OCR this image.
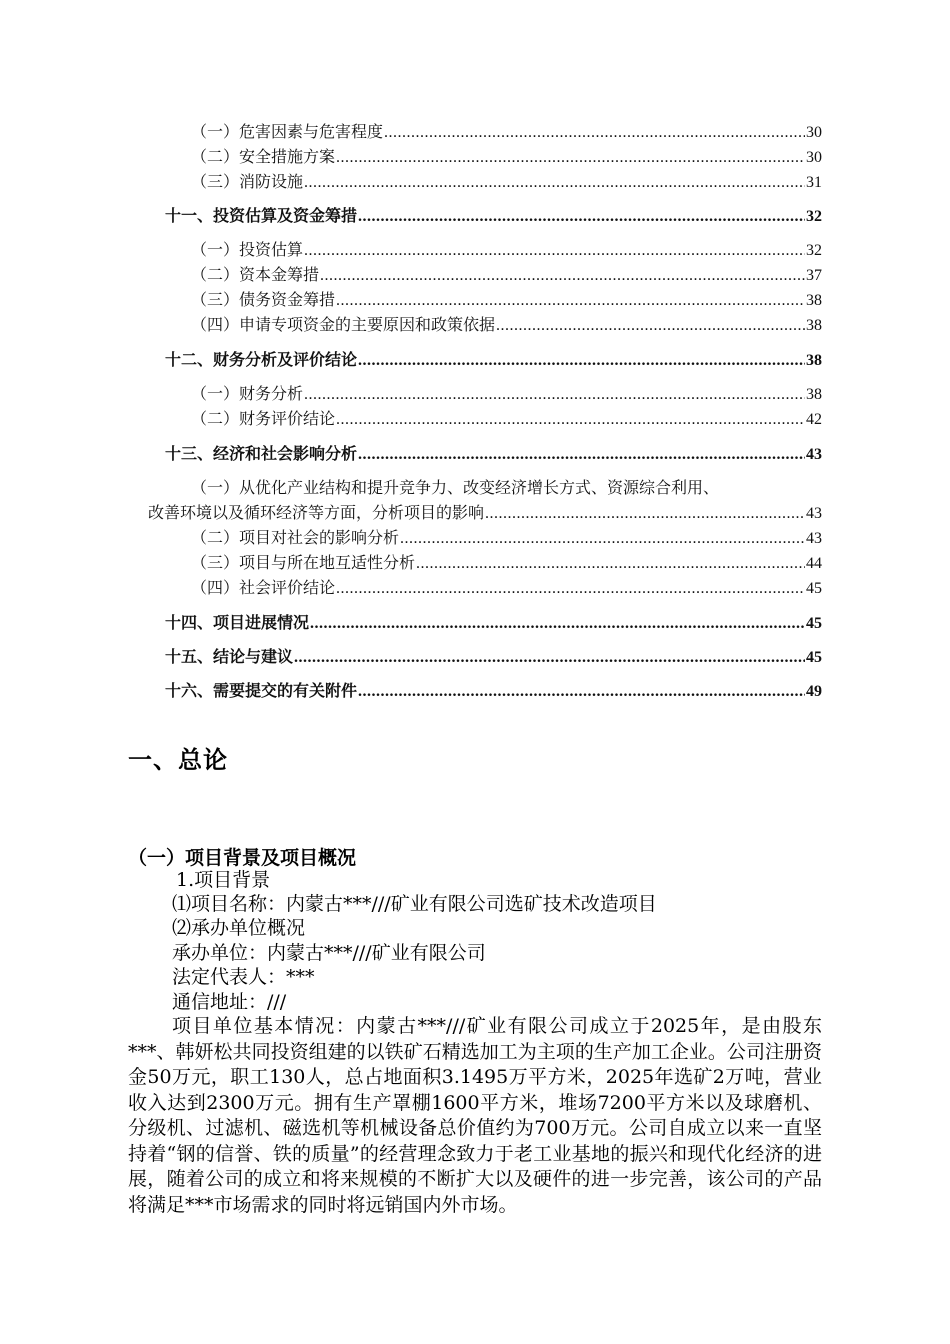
（一）危害因素与危害程度 .....	30
（二）安全措施方案 .....	30
（三）消防设施 .....	31
十一、投资估算及资金筹措 .....	32
（一）投资估算 .....	32
（二）资本金筹措 .....	37
（三）债务资金筹措 .....	38
（四）申请专项资金的主要原因和政策依据 .....	38
十二、财务分析及评价结论 .....	38
（一）财务分析 .....	38
（二）财务评价结论 .....	42
十三、经济和社会影响分析 .....	43
（一）从优化产业结构和提升竞争力、改变经济增长方式、资源综合利用、
改善环境以及循环经济等方面，分析项目的影响 .....	43
（二）项目对社会的影响分析 .....	43
（三）项目与所在地互适性分析 .....	44
（四）社会评价结论 .....	45
十四、项目进展情况 .....	45
十五、结论与建议 .....	45
十六、需要提交的有关附件 .....	49
一、总论
（一）项目背景及项目概况
1.项目背景
⑴项目名称：内蒙古***///矿业有限公司选矿技术改造项目
⑵承办单位概况
承办单位：内蒙古***///矿业有限公司
法定代表人：***
通信地址：///

项目单位基本情况：内蒙古***///矿业有限公司成立于2025年，是由股东***、韩妍松共同投资组建的以铁矿石精选加工为主项的生产加工企业。公司注册资金50万元，职工130人，总占地面积3.1495万平方米，2025年选矿2万吨，营业收入达到2300万元。拥有生产罩棚1600平方米，堆场7200平方米以及球磨机、分级机、过滤机、磁选机等机械设备总价值约为700万元。公司自成立以来一直坚持着“钢的信誉、铁的质量”的经营理念致力于老工业基地的振兴和现代化经济的进展，随着公司的成立和将来规模的不断扩大以及硬件的进一步完善，该公司的产品将满足***市场需求的同时将远销国内外市场。
